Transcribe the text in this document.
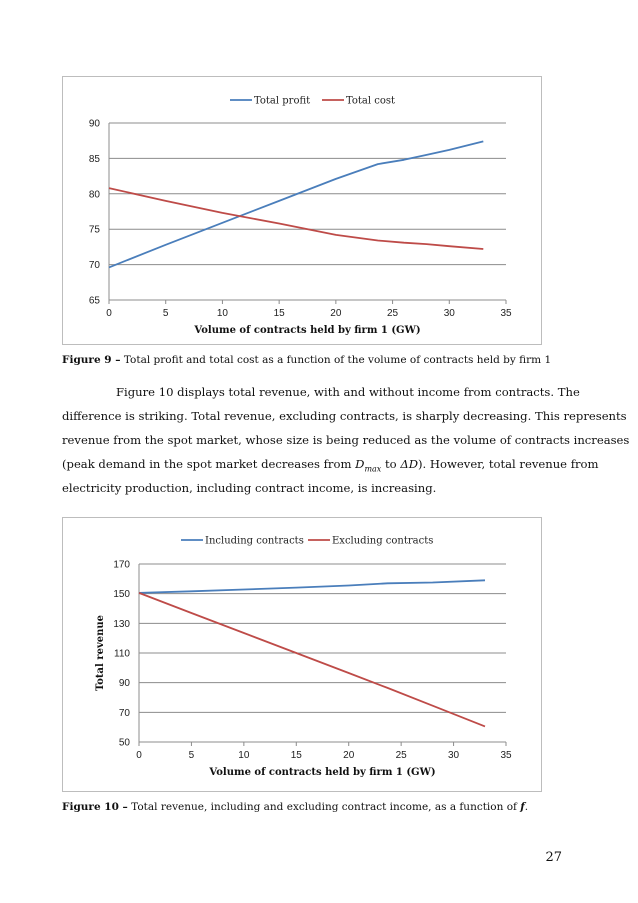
65
70
75
80
85
90
0	5	10	15	20	25	30	35
Total profit	Total cost
Volume of contracts held by firm 1 (GW)
Figure 9 – Total profit and total cost as a function of the volume of contracts held by firm 1
Figure 10 displays total revenue, with and without income from contracts. The
difference is striking. Total revenue, excluding contracts, is sharply decreasing. This represents
revenue from the spot market, whose size is being reduced as the volume of contracts increases
(peak demand in the spot market decreases from $D_{max}$ to ΔD). However, total revenue from
electricity production, including contract income, is increasing.
50
70
90
110
130
150
170
0	5	10	15	20	25	30	35
Including contracts	Excluding contracts
Volume of contracts held by firm 1 (GW)
Total revenue
Figure 10 – Total revenue, including and excluding contract income, as a function of f.
27
